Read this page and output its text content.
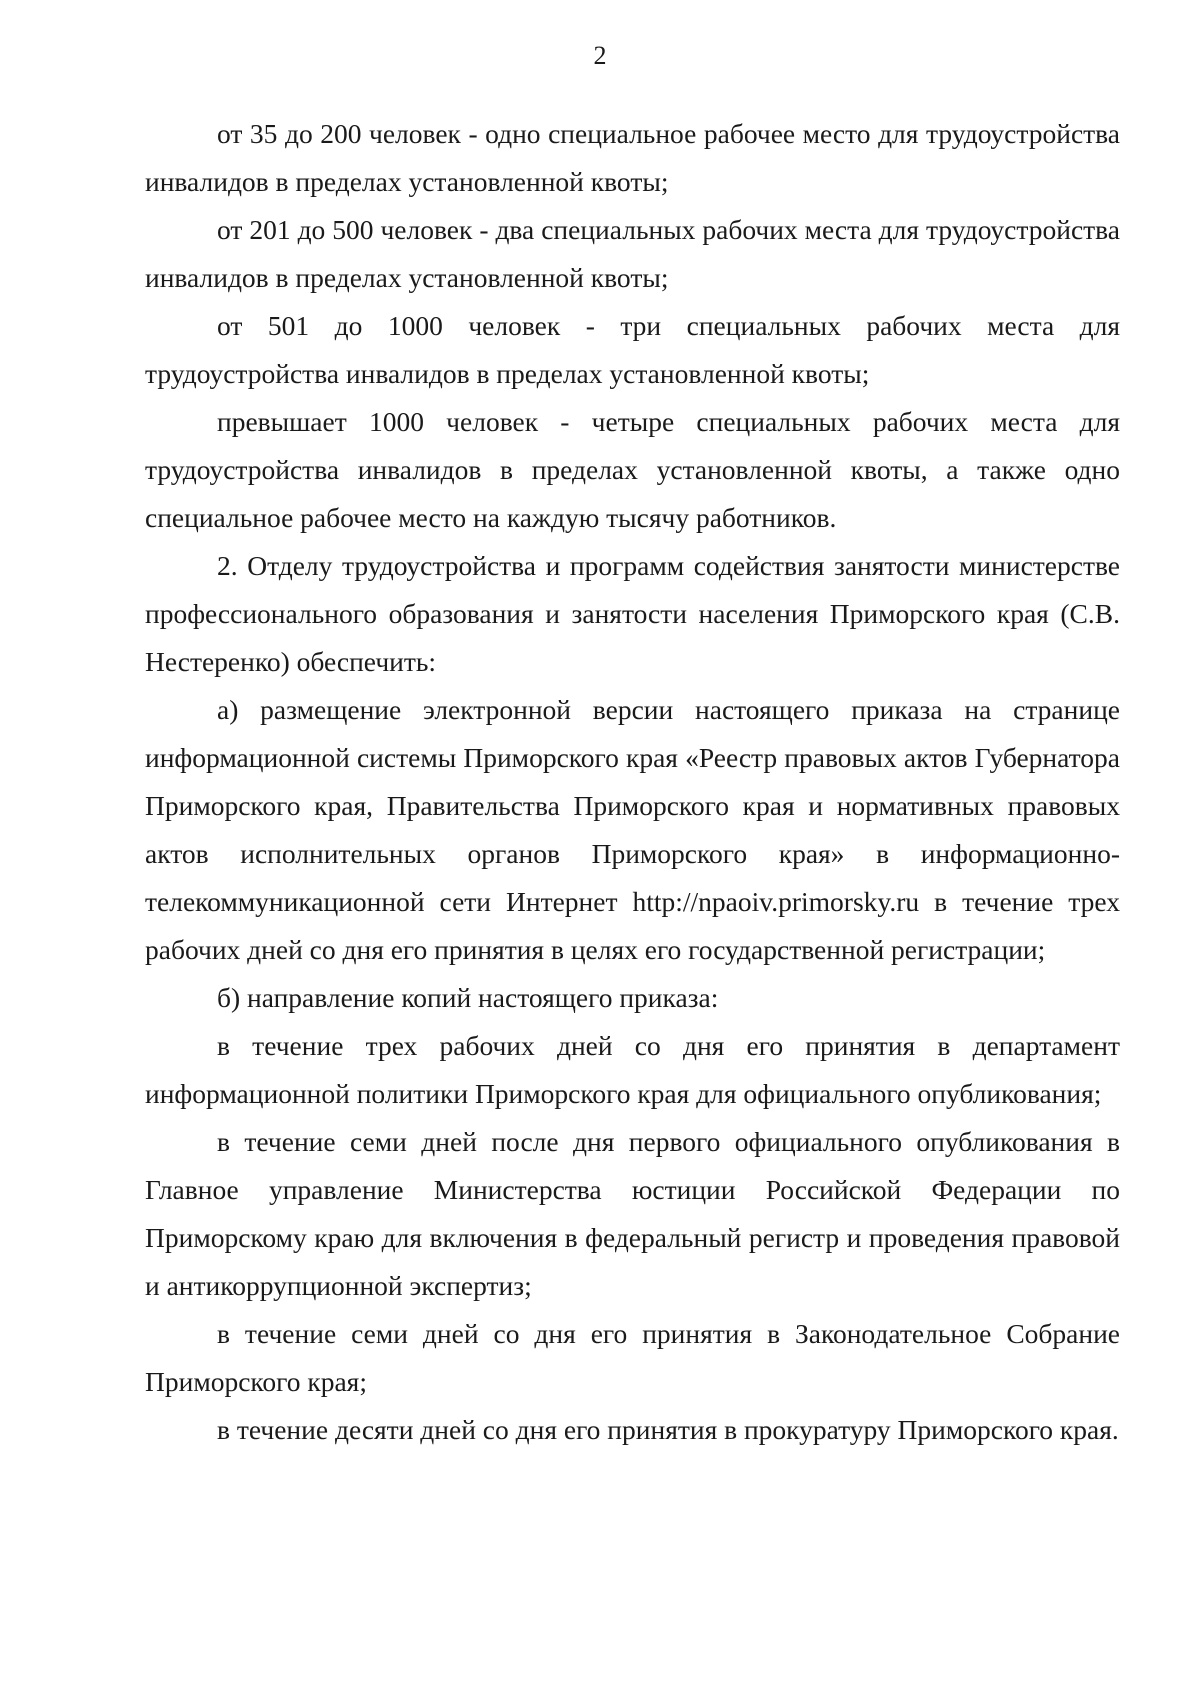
2

от 35 до 200 человек - одно специальное рабочее место для трудоустройства инвалидов в пределах установленной квоты;

от 201 до 500 человек - два специальных рабочих места для трудоустройства инвалидов в пределах установленной квоты;

от 501 до 1000 человек - три специальных рабочих места для трудоустройства инвалидов в пределах установленной квоты;

превышает 1000 человек - четыре специальных рабочих места для трудоустройства инвалидов в пределах установленной квоты, а также одно специальное рабочее место на каждую тысячу работников.

2. Отделу трудоустройства и программ содействия занятости министерстве профессионального образования и занятости населения Приморского края (С.В. Нестеренко) обеспечить:

а) размещение электронной версии настоящего приказа на странице информационной системы Приморского края «Реестр правовых актов Губернатора Приморского края, Правительства Приморского края и нормативных правовых актов исполнительных органов Приморского края» в информационно-телекоммуникационной сети Интернет http://npaoiv.primorsky.ru в течение трех рабочих дней со дня его принятия в целях его государственной регистрации;

б) направление копий настоящего приказа:

в течение трех рабочих дней со дня его принятия в департамент информационной политики Приморского края для официального опубликования;

в течение семи дней после дня первого официального опубликования в Главное управление Министерства юстиции Российской Федерации по Приморскому краю для включения в федеральный регистр и проведения правовой и антикоррупционной экспертиз;

в течение семи дней со дня его принятия в Законодательное Собрание Приморского края;

в течение десяти дней со дня его принятия в прокуратуру Приморского края.
